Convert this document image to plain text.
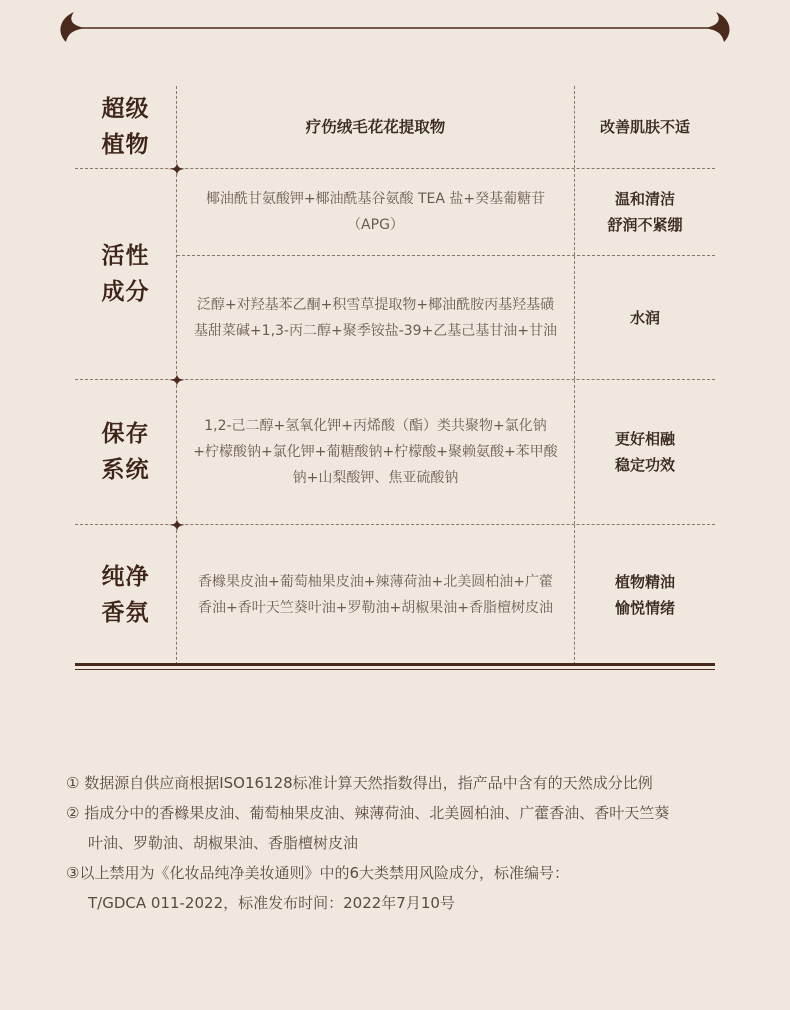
超级
植物
疗伤绒毛花花提取物	改善肌肤不适
活性
成分
椰油酰甘氨酸钾+椰油酰基谷氨酸 TEA 盐+癸基葡糖苷（APG）
温和清洁
舒润不紧绷
泛醇+对羟基苯乙酮+积雪草提取物+椰油酰胺丙基羟基磺基甜菜碱+1,3-丙二醇+聚季铵盐-39+乙基己基甘油+甘油
水润
保存
系统
1,2-己二醇+氢氧化钾+丙烯酸（酯）类共聚物+氯化钠+柠檬酸钠+氯化钾+葡糖酸钠+柠檬酸+聚赖氨酸+苯甲酸钠+山梨酸钾、焦亚硫酸钠
更好相融
稳定功效
纯净
香氛
香橼果皮油+葡萄柚果皮油+辣薄荷油+北美圆柏油+广藿香油+香叶天竺葵叶油+罗勒油+胡椒果油+香脂檀树皮油
植物精油
愉悦情绪
① 数据源自供应商根据ISO16128标准计算天然指数得出，指产品中含有的天然成分比例
② 指成分中的香橼果皮油、葡萄柚果皮油、辣薄荷油、北美圆柏油、广藿香油、香叶天竺葵
叶油、罗勒油、胡椒果油、香脂檀树皮油
③以上禁用为《化妆品纯净美妆通则》中的6大类禁用风险成分，标准编号：
T/GDCA 011-2022，标准发布时间：2022年7月10号
